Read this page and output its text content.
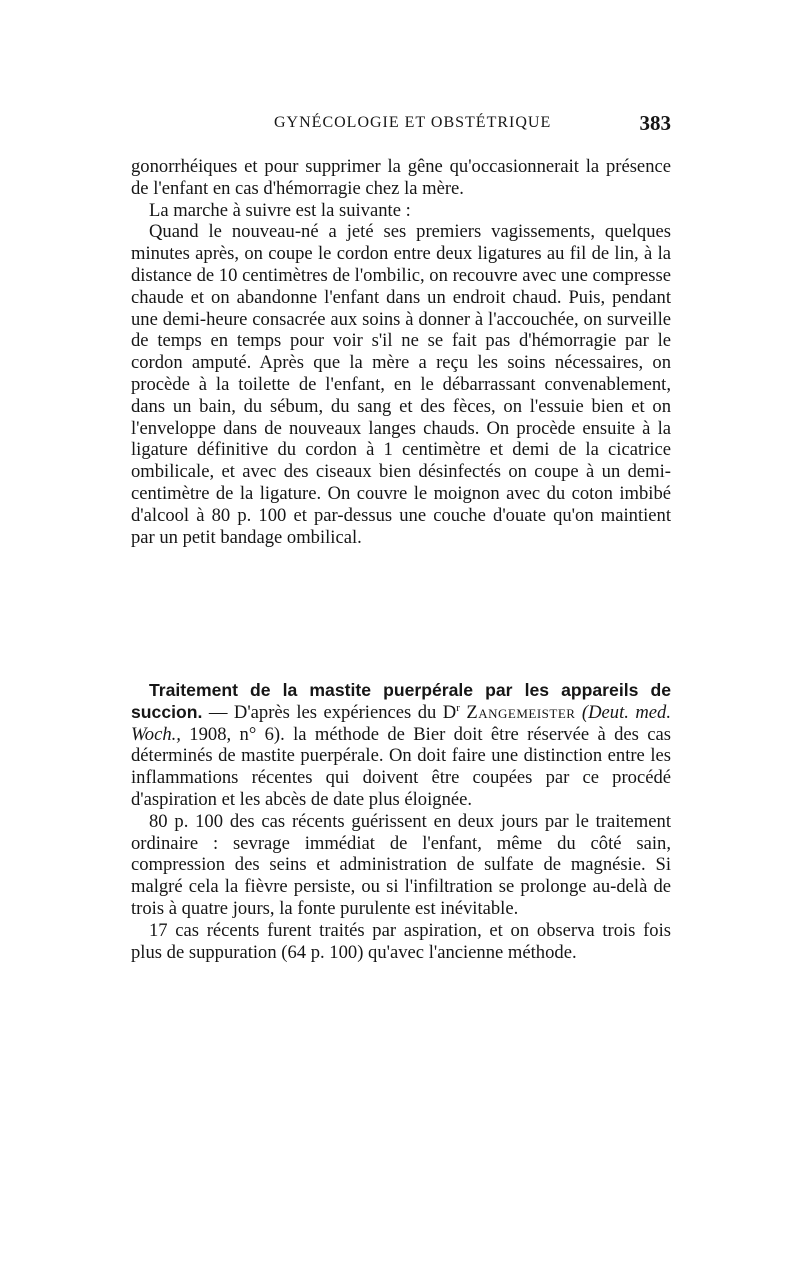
GYNÉCOLOGIE ET OBSTÉTRIQUE	383

gonorrhéiques et pour supprimer la gêne qu'occasionnerait la présence de l'enfant en cas d'hémorragie chez la mère.

La marche à suivre est la suivante :

Quand le nouveau-né a jeté ses premiers vagissements, quelques minutes après, on coupe le cordon entre deux ligatures au fil de lin, à la distance de 10 centimètres de l'ombilic, on recouvre avec une compresse chaude et on abandonne l'enfant dans un endroit chaud. Puis, pendant une demi-heure consacrée aux soins à donner à l'accouchée, on surveille de temps en temps pour voir s'il ne se fait pas d'hémorragie par le cordon amputé. Après que la mère a reçu les soins nécessaires, on procède à la toilette de l'enfant, en le débarrassant convenablement, dans un bain, du sébum, du sang et des fèces, on l'essuie bien et on l'enveloppe dans de nouveaux langes chauds. On procède ensuite à la ligature définitive du cordon à 1 centimètre et demi de la cicatrice ombilicale, et avec des ciseaux bien désinfectés on coupe à un demi-centimètre de la ligature. On couvre le moignon avec du coton imbibé d'alcool à 80 p. 100 et par-dessus une couche d'ouate qu'on maintient par un petit bandage ombilical.

Traitement de la mastite puerpérale par les appareils de succion. — D'après les expériences du $D^r$ Zangemeister (Deut. med. Woch., 1908, n° 6). la méthode de Bier doit être réservée à des cas déterminés de mastite puerpérale. On doit faire une distinction entre les inflammations récentes qui doivent être coupées par ce procédé d'aspiration et les abcès de date plus éloignée.

80 p. 100 des cas récents guérissent en deux jours par le traitement ordinaire : sevrage immédiat de l'enfant, même du côté sain, compression des seins et administration de sulfate de magnésie. Si malgré cela la fièvre persiste, ou si l'infiltration se prolonge au-delà de trois à quatre jours, la fonte purulente est inévitable.

17 cas récents furent traités par aspiration, et on observa trois fois plus de suppuration (64 p. 100) qu'avec l'ancienne méthode.
